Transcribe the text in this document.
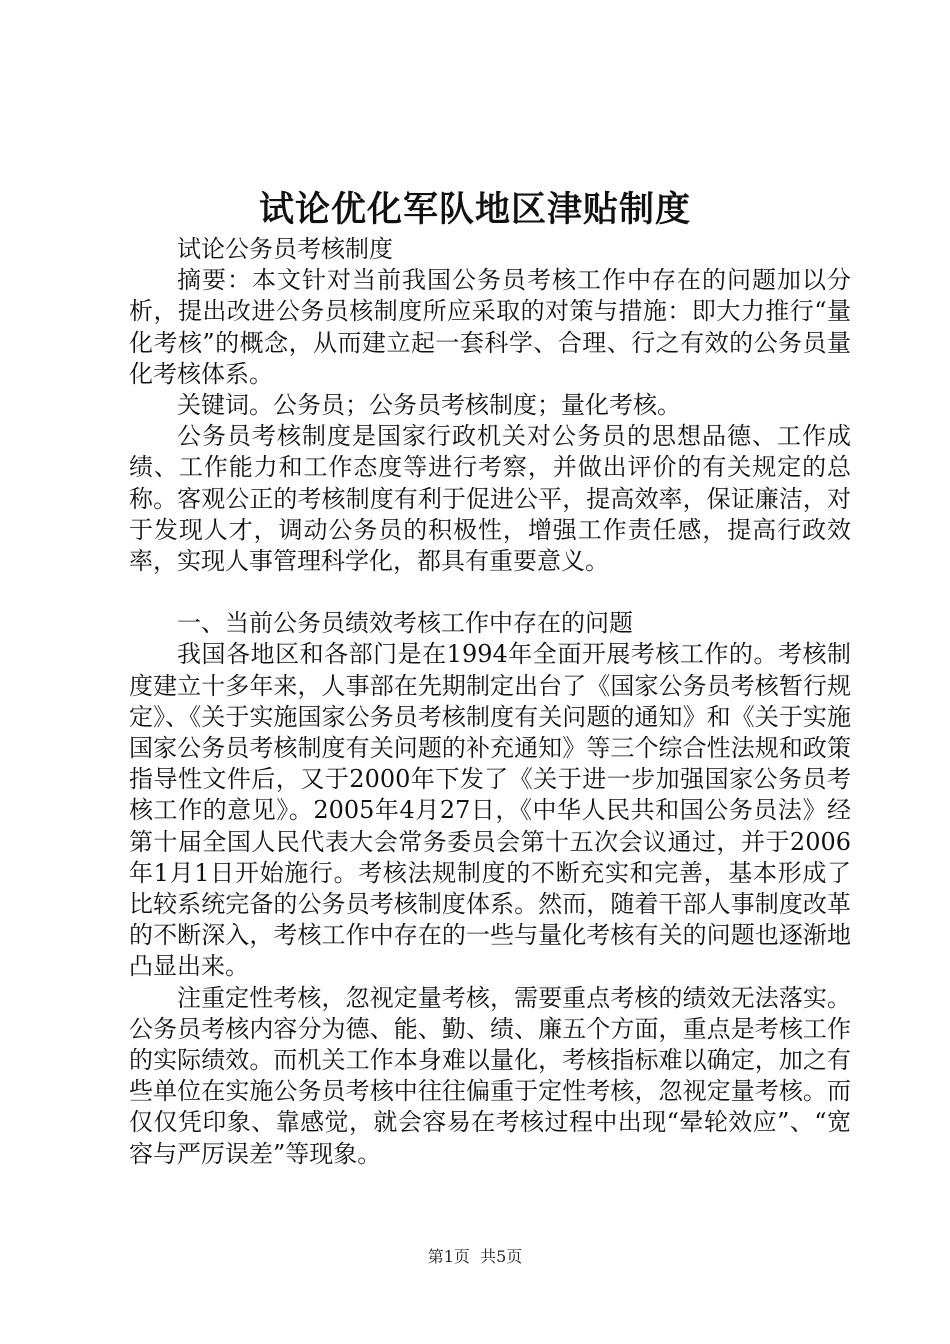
试论优化军队地区津贴制度

试论公务员考核制度

摘要：本文针对当前我国公务员考核工作中存在的问题加以分析，提出改进公务员核制度所应采取的对策与措施：即大力推行“量化考核”的概念，从而建立起一套科学、合理、行之有效的公务员量化考核体系。

关键词。公务员；公务员考核制度；量化考核。

公务员考核制度是国家行政机关对公务员的思想品德、工作成绩、工作能力和工作态度等进行考察，并做出评价的有关规定的总称。客观公正的考核制度有利于促进公平，提高效率，保证廉洁，对于发现人才，调动公务员的积极性，增强工作责任感，提高行政效率，实现人事管理科学化，都具有重要意义。

一、当前公务员绩效考核工作中存在的问题

我国各地区和各部门是在1994年全面开展考核工作的。考核制度建立十多年来，人事部在先期制定出台了《国家公务员考核暂行规定》、《关于实施国家公务员考核制度有关问题的通知》和《关于实施国家公务员考核制度有关问题的补充通知》等三个综合性法规和政策指导性文件后，又于2000年下发了《关于进一步加强国家公务员考核工作的意见》。2005年4月27日，《中华人民共和国公务员法》经第十届全国人民代表大会常务委员会第十五次会议通过，并于2006年1月1日开始施行。考核法规制度的不断充实和完善，基本形成了比较系统完备的公务员考核制度体系。然而，随着干部人事制度改革的不断深入，考核工作中存在的一些与量化考核有关的问题也逐渐地凸显出来。

注重定性考核，忽视定量考核，需要重点考核的绩效无法落实。公务员考核内容分为德、能、勤、绩、廉五个方面，重点是考核工作的实际绩效。而机关工作本身难以量化，考核指标难以确定，加之有些单位在实施公务员考核中往往偏重于定性考核，忽视定量考核。而仅仅凭印象、靠感觉，就会容易在考核过程中出现“晕轮效应”、“宽容与严厉误差”等现象。

第1页  共5页
